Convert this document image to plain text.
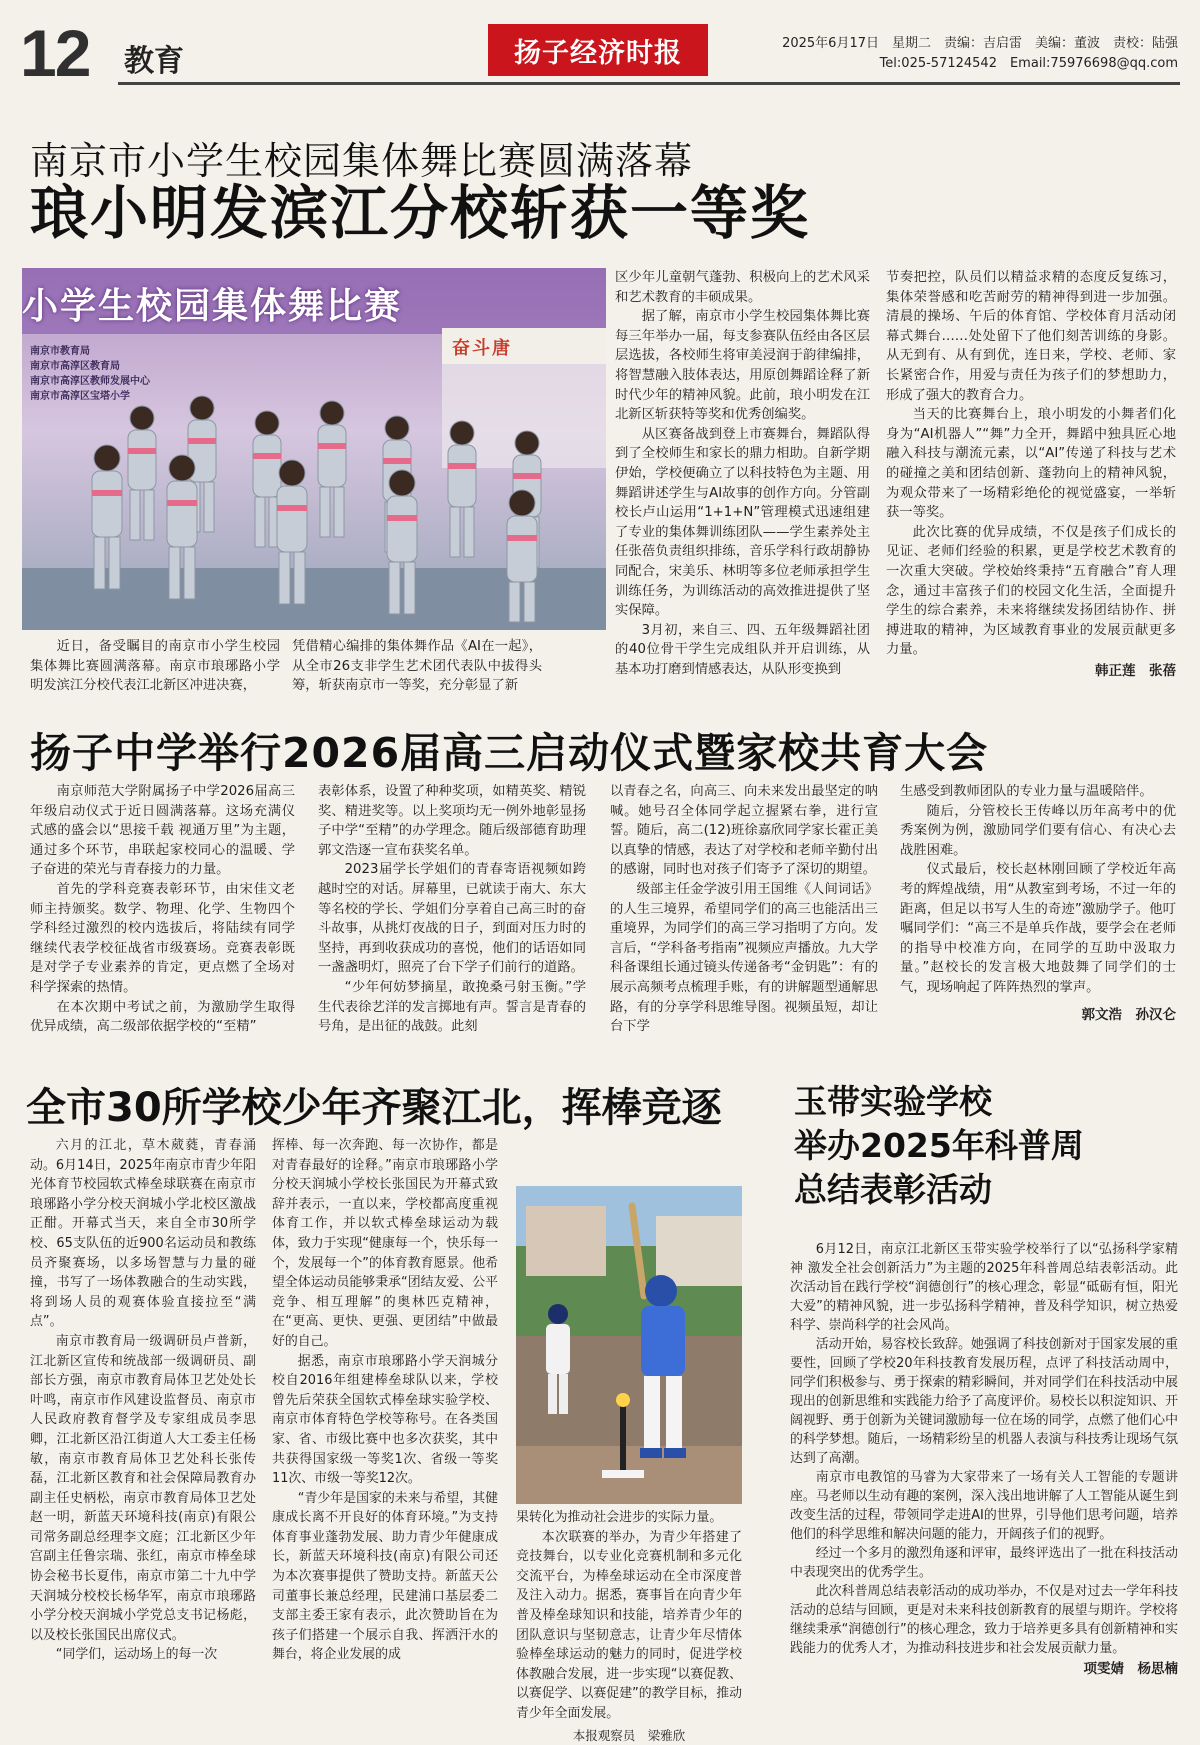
12 教育	扬子经济时报	2025年6月17日　星期二　责编：吉启雷　美编：董波　责校：陆强
Tel:025-57124542　Email:75976698@qq.com
南京市小学生校园集体舞比赛圆满落幕
琅小明发滨江分校斩获一等奖
小学生校园集体舞比赛
南京市教育局
南京市高淳区教育局
南京市高淳区教师发展中心
南京市高淳区宝塔小学
奋斗唐

近日，备受瞩目的南京市小学生校园集体舞比赛圆满落幕。南京市琅琊路小学明发滨江分校代表江北新区冲进决赛，

凭借精心编排的集体舞作品《AI在一起》，从全市26支非学生艺术团代表队中拔得头筹，斩获南京市一等奖，充分彰显了新

区少年儿童朝气蓬勃、积极向上的艺术风采和艺术教育的丰硕成果。

据了解，南京市小学生校园集体舞比赛每三年举办一届，每支参赛队伍经由各区层层选拔，各校师生将审美浸润于韵律编排，将智慧融入肢体表达，用原创舞蹈诠释了新时代少年的精神风貌。此前，琅小明发在江北新区斩获特等奖和优秀创编奖。

从区赛备战到登上市赛舞台，舞蹈队得到了全校师生和家长的鼎力相助。自新学期伊始，学校便确立了以科技特色为主题、用舞蹈讲述学生与AI故事的创作方向。分管副校长卢山运用“1+1+N”管理模式迅速组建了专业的集体舞训练团队——学生素养处主任张蓓负责组织排练，音乐学科行政胡静协同配合，宋美乐、林明等多位老师承担学生训练任务，为训练活动的高效推进提供了坚实保障。

3月初，来自三、四、五年级舞蹈社团的40位骨干学生完成组队并开启训练，从基本功打磨到情感表达，从队形变换到

节奏把控，队员们以精益求精的态度反复练习，集体荣誉感和吃苦耐劳的精神得到进一步加强。清晨的操场、午后的体育馆、学校体育月活动闭幕式舞台……处处留下了他们刻苦训练的身影。从无到有、从有到优，连日来，学校、老师、家长紧密合作，用爱与责任为孩子们的梦想助力，形成了强大的教育合力。

当天的比赛舞台上，琅小明发的小舞者们化身为“AI机器人”“舞”力全开，舞蹈中独具匠心地融入科技与潮流元素，以“AI”传递了科技与艺术的碰撞之美和团结创新、蓬勃向上的精神风貌，为观众带来了一场精彩绝伦的视觉盛宴，一举斩获一等奖。

此次比赛的优异成绩，不仅是孩子们成长的见证、老师们经验的积累，更是学校艺术教育的一次重大突破。学校始终秉持“五育融合”育人理念，通过丰富孩子们的校园文化生活，全面提升学生的综合素养，未来将继续发扬团结协作、拼搏进取的精神，为区域教育事业的发展贡献更多力量。

韩正莲　张蓓
扬子中学举行2026届高三启动仪式暨家校共育大会

南京师范大学附属扬子中学2026届高三年级启动仪式于近日圆满落幕。这场充满仪式感的盛会以“思接千载 视通万里”为主题，通过多个环节，串联起家校同心的温暖、学子奋进的荣光与青春接力的力量。

首先的学科竞赛表彰环节，由宋佳文老师主持颁奖。数学、物理、化学、生物四个学科经过激烈的校内选拔后，将陆续有同学继续代表学校征战省市级赛场。竞赛表彰既是对学子专业素养的肯定，更点燃了全场对科学探索的热情。

在本次期中考试之前，为激励学生取得优异成绩，高二级部依据学校的“至精”

表彰体系，设置了种种奖项，如精英奖、精锐奖、精进奖等。以上奖项均无一例外地彰显扬子中学“至精”的办学理念。随后级部德育助理郭文浩逐一宣布获奖名单。

2023届学长学姐们的青春寄语视频如跨越时空的对话。屏幕里，已就读于南大、东大等名校的学长、学姐们分享着自己高三时的奋斗故事，从挑灯夜战的日子，到面对压力时的坚持，再到收获成功的喜悦，他们的话语如同一盏盏明灯，照亮了台下学子们前行的道路。

“少年何妨梦摘星，敢挽桑弓射玉衡。”学生代表徐艺洋的发言掷地有声。誓言是青春的号角，是出征的战鼓。此刻

以青春之名，向高三、向未来发出最坚定的呐喊。她号召全体同学起立握紧右拳，进行宣誓。随后，高二(12)班徐嘉欣同学家长霍正美以真挚的情感，表达了对学校和老师辛勤付出的感谢，同时也对孩子们寄予了深切的期望。

级部主任金学波引用王国维《人间词话》的人生三境界，希望同学们的高三也能活出三重境界，为同学们的高三学习指明了方向。发言后，“学科备考指南”视频应声播放。九大学科备课组长通过镜头传递备考“金钥匙”：有的展示高频考点梳理手账，有的讲解题型通解思路，有的分享学科思维导图。视频虽短，却让台下学

生感受到教师团队的专业力量与温暖陪伴。

随后，分管校长王传峰以历年高考中的优秀案例为例，激励同学们要有信心、有决心去战胜困难。

仪式最后，校长赵林刚回顾了学校近年高考的辉煌战绩，用“从教室到考场，不过一年的距离，但足以书写人生的奇迹”激励学子。他叮嘱同学们：“高三不是单兵作战，要学会在老师的指导中校准方向，在同学的互助中汲取力量。”赵校长的发言极大地鼓舞了同学们的士气，现场响起了阵阵热烈的掌声。

郭文浩　孙汉仑
全市30所学校少年齐聚江北，挥棒竞逐

六月的江北，草木葳蕤，青春涌动。6月14日，2025年南京市青少年阳光体育节校园软式棒垒球联赛在南京市琅琊路小学分校天润城小学北校区激战正酣。开幕式当天，来自全市30所学校、65支队伍的近900名运动员和教练员齐聚赛场，以多场智慧与力量的碰撞，书写了一场体教融合的生动实践，将到场人员的观赛体验直接拉至“满点”。

南京市教育局一级调研员卢普新，江北新区宣传和统战部一级调研员、副部长方强，南京市教育局体卫艺处处长叶鸣，南京市作风建设监督员、南京市人民政府教育督学及专家组成员李思卿，江北新区沿江街道人大工委主任杨敏，南京市教育局体卫艺处科长张传磊，江北新区教育和社会保障局教育办副主任史柄松，南京市教育局体卫艺处赵一明，新蓝天环境科技(南京)有限公司常务副总经理李文庭；江北新区少年宫副主任鲁宗瑞、张红，南京市棒垒球协会秘书长夏伟，南京市第二十九中学天润城分校校长杨华军，南京市琅琊路小学分校天润城小学党总支书记杨彪，以及校长张国民出席仪式。

“同学们，运动场上的每一次

挥棒、每一次奔跑、每一次协作，都是对青春最好的诠释。”南京市琅琊路小学分校天润城小学校长张国民为开幕式致辞并表示，一直以来，学校都高度重视体育工作，并以软式棒垒球运动为载体，致力于实现“健康每一个，快乐每一个，发展每一个”的体育教育愿景。他希望全体运动员能够秉承“团结友爱、公平竞争、相互理解”的奥林匹克精神，在“更高、更快、更强、更团结”中做最好的自己。

据悉，南京市琅琊路小学天润城分校自2016年组建棒垒球队以来，学校曾先后荣获全国软式棒垒球实验学校、南京市体育特色学校等称号。在各类国家、省、市级比赛中也多次获奖，其中共获得国家级一等奖1次、省级一等奖11次、市级一等奖12次。

“青少年是国家的未来与希望，其健康成长离不开良好的体育环境。”为支持体育事业蓬勃发展、助力青少年健康成长，新蓝天环境科技(南京)有限公司还为本次赛事提供了赞助支持。新蓝天公司董事长兼总经理，民建浦口基层委二支部主委王家有表示，此次赞助旨在为孩子们搭建一个展示自我、挥洒汗水的舞台，将企业发展的成

果转化为推动社会进步的实际力量。

本次联赛的举办，为青少年搭建了竞技舞台，以专业化竞赛机制和多元化交流平台，为棒垒球运动在全市深度普及注入动力。据悉，赛事旨在向青少年普及棒垒球知识和技能，培养青少年的团队意识与坚韧意志，让青少年尽情体验棒垒球运动的魅力的同时，促进学校体教融合发展，进一步实现“以赛促教、以赛促学、以赛促建”的教学目标，推动青少年全面发展。

本报观察员　梁雅欣
玉带实验学校
举办2025年科普周
总结表彰活动

6月12日，南京江北新区玉带实验学校举行了以“弘扬科学家精神 激发全社会创新活力”为主题的2025年科普周总结表彰活动。此次活动旨在践行学校“润德创行”的核心理念，彰显“砥砺有恒，阳光大爱”的精神风貌，进一步弘扬科学精神，普及科学知识，树立热爱科学、崇尚科学的社会风尚。

活动开始，易容校长致辞。她强调了科技创新对于国家发展的重要性，回顾了学校20年科技教育发展历程，点评了科技活动周中，同学们积极参与、勇于探索的精彩瞬间，并对同学们在科技活动中展现出的创新思维和实践能力给予了高度评价。易校长以积淀知识、开阔视野、勇于创新为关键词激励每一位在场的同学，点燃了他们心中的科学梦想。随后，一场精彩纷呈的机器人表演与科技秀让现场气氛达到了高潮。

南京市电教馆的马睿为大家带来了一场有关人工智能的专题讲座。马老师以生动有趣的案例，深入浅出地讲解了人工智能从诞生到改变生活的过程，带领同学走进AI的世界，引导他们思考问题，培养他们的科学思维和解决问题的能力，开阔孩子们的视野。

经过一个多月的激烈角逐和评审，最终评选出了一批在科技活动中表现突出的优秀学生。

此次科普周总结表彰活动的成功举办，不仅是对过去一学年科技活动的总结与回顾，更是对未来科技创新教育的展望与期许。学校将继续秉承“润德创行”的核心理念，致力于培养更多具有创新精神和实践能力的优秀人才，为推动科技进步和社会发展贡献力量。

项雯婧　杨思楠
